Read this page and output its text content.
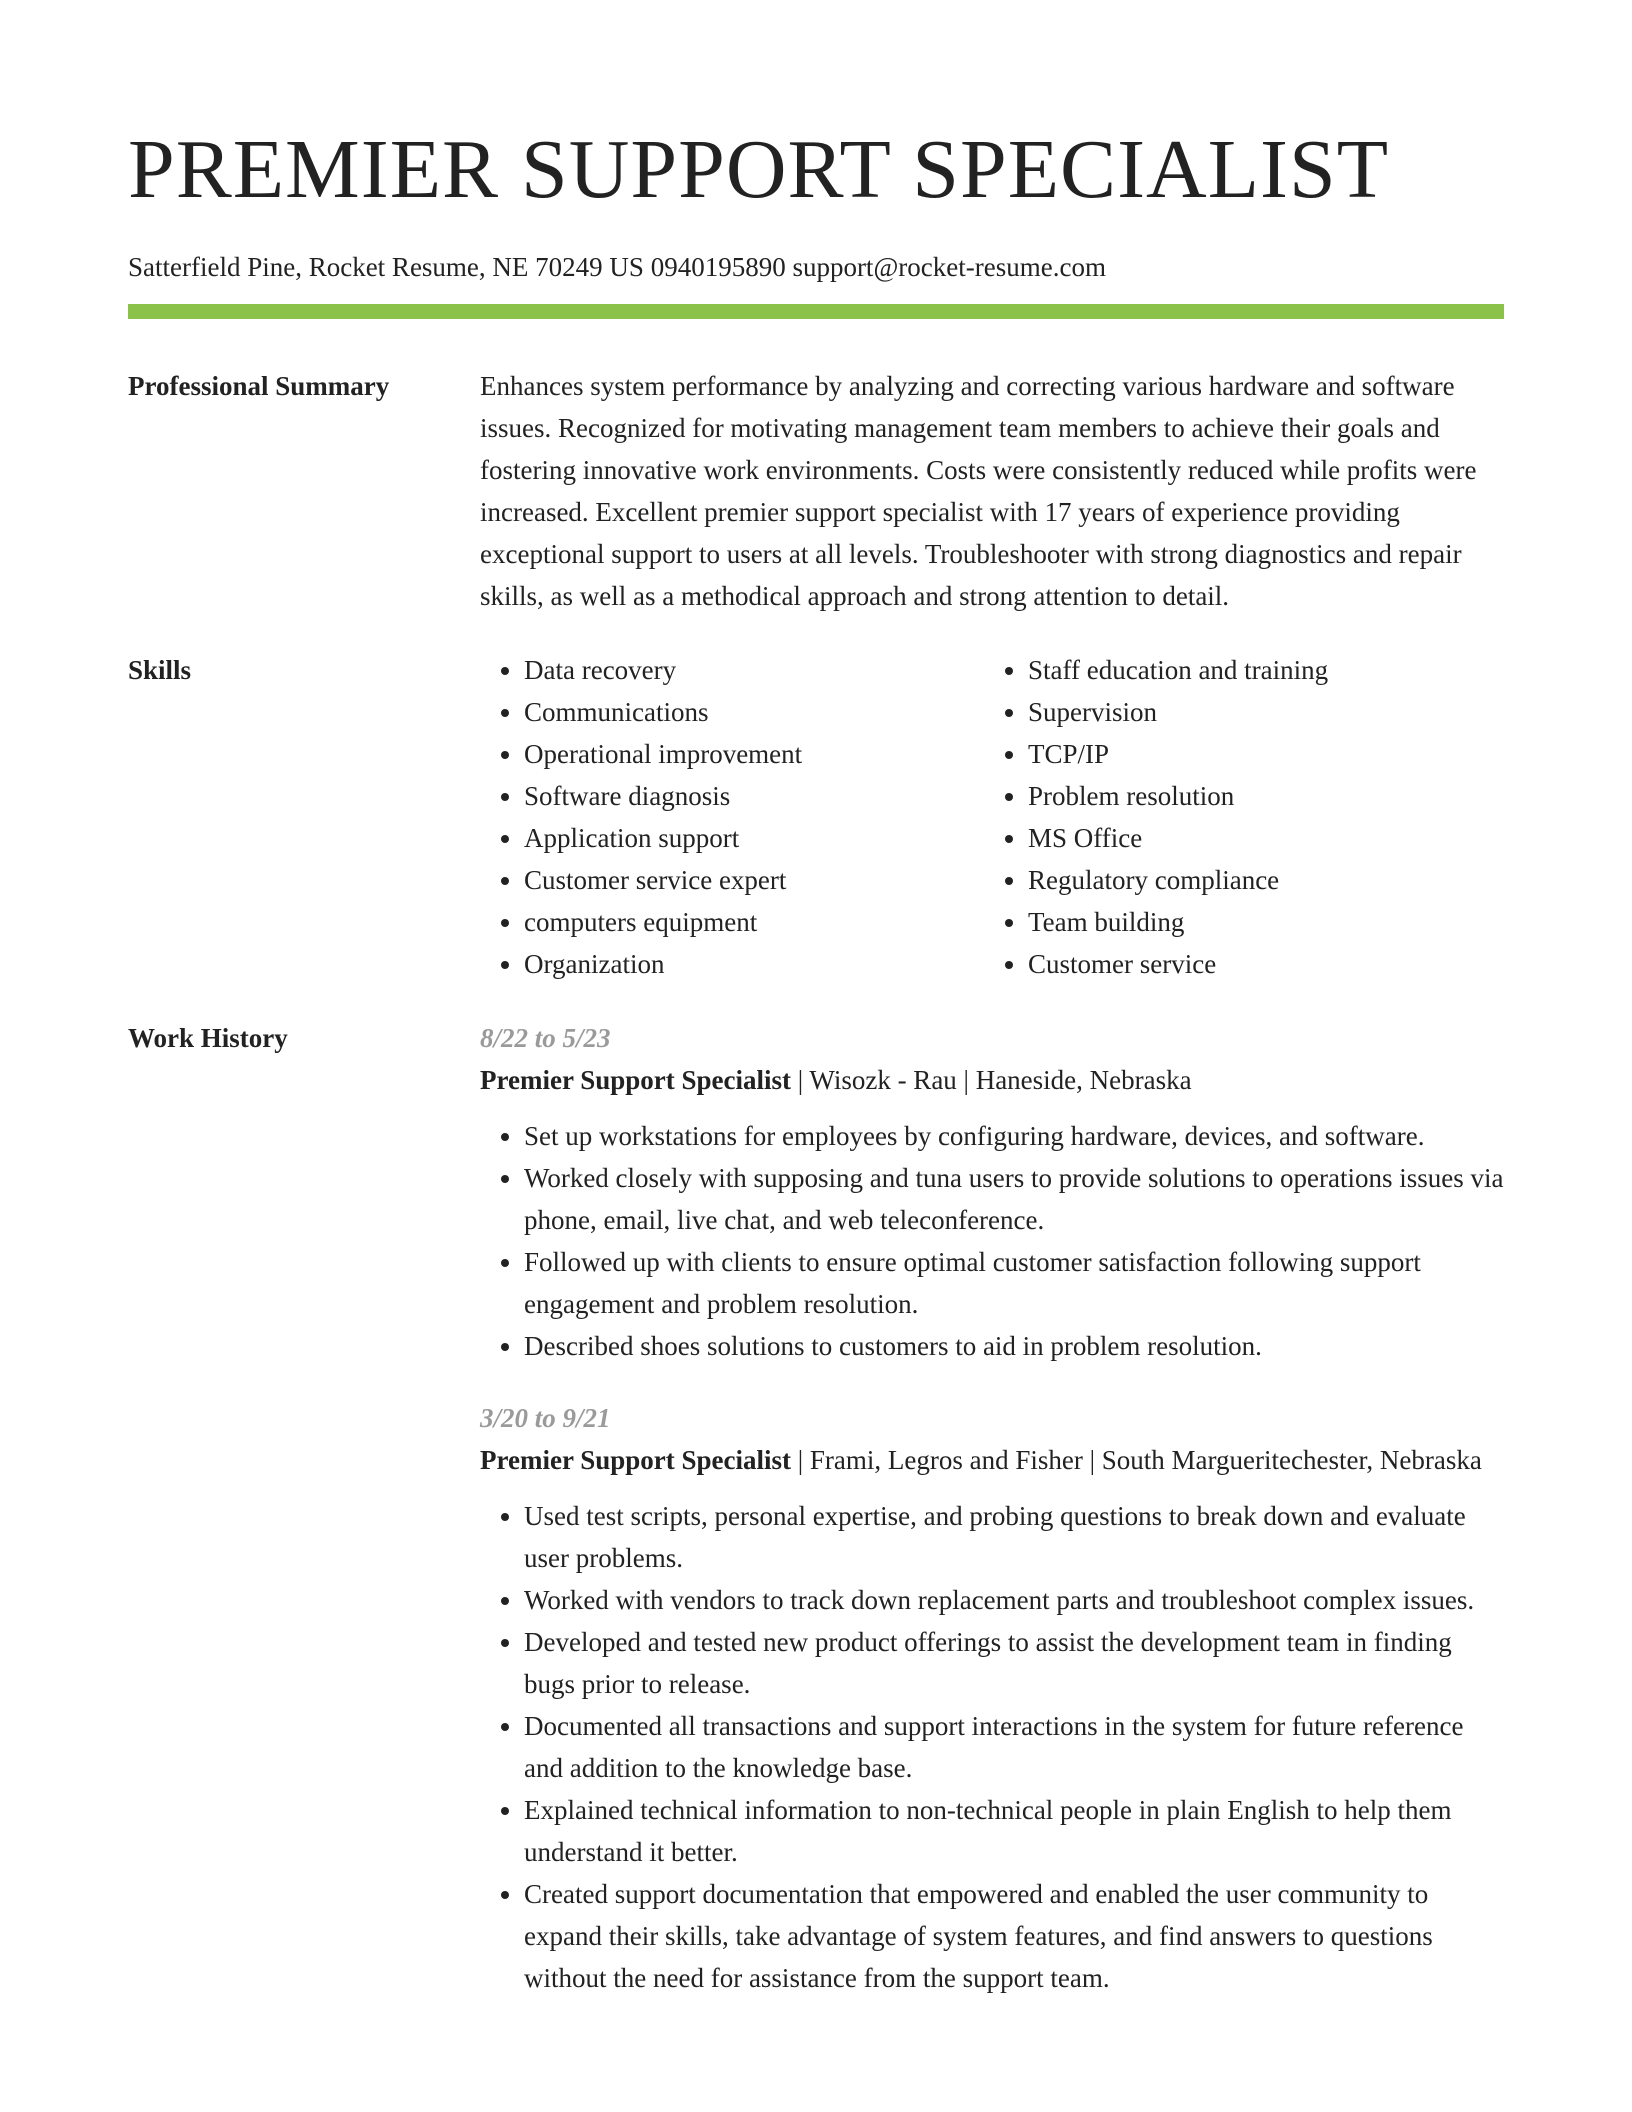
PREMIER SUPPORT SPECIALIST
Satterfield Pine, Rocket Resume, NE 70249 US 0940195890 support@rocket-resume.com
Professional Summary	Enhances system performance by analyzing and correcting various hardware and software issues. Recognized for motivating management team members to achieve their goals and fostering innovative work environments. Costs were consistently reduced while profits were increased. Excellent premier support specialist with 17 years of experience providing exceptional support to users at all levels. Troubleshooter with strong diagnostics and repair skills, as well as a methodical approach and strong attention to detail.

Skills
•	Data recovery
• Communications
• Operational improvement
• Software diagnosis
• Application support
• Customer service expert
• computers equipment
• Organization
• Staff education and training
• Supervision
• TCP/IP
• Problem resolution
• MS Office
• Regulatory compliance
• Team building
• Customer service
Work History	8/22 to 5/23
Premier Support Specialist | Wisozk - Rau | Haneside, Nebraska
• Set up workstations for employees by configuring hardware, devices, and software.
• Worked closely with supposing and tuna users to provide solutions to operations issues via phone, email, live chat, and web teleconference.
• Followed up with clients to ensure optimal customer satisfaction following support engagement and problem resolution.
• Described shoes solutions to customers to aid in problem resolution.
3/20 to 9/21
Premier Support Specialist | Frami, Legros and Fisher | South Margueritechester, Nebraska
• Used test scripts, personal expertise, and probing questions to break down and evaluate user problems.
• Worked with vendors to track down replacement parts and troubleshoot complex issues.
• Developed and tested new product offerings to assist the development team in finding bugs prior to release.
• Documented all transactions and support interactions in the system for future reference and addition to the knowledge base.
• Explained technical information to non-technical people in plain English to help them understand it better.
• Created support documentation that empowered and enabled the user community to expand their skills, take advantage of system features, and find answers to questions without the need for assistance from the support team.
